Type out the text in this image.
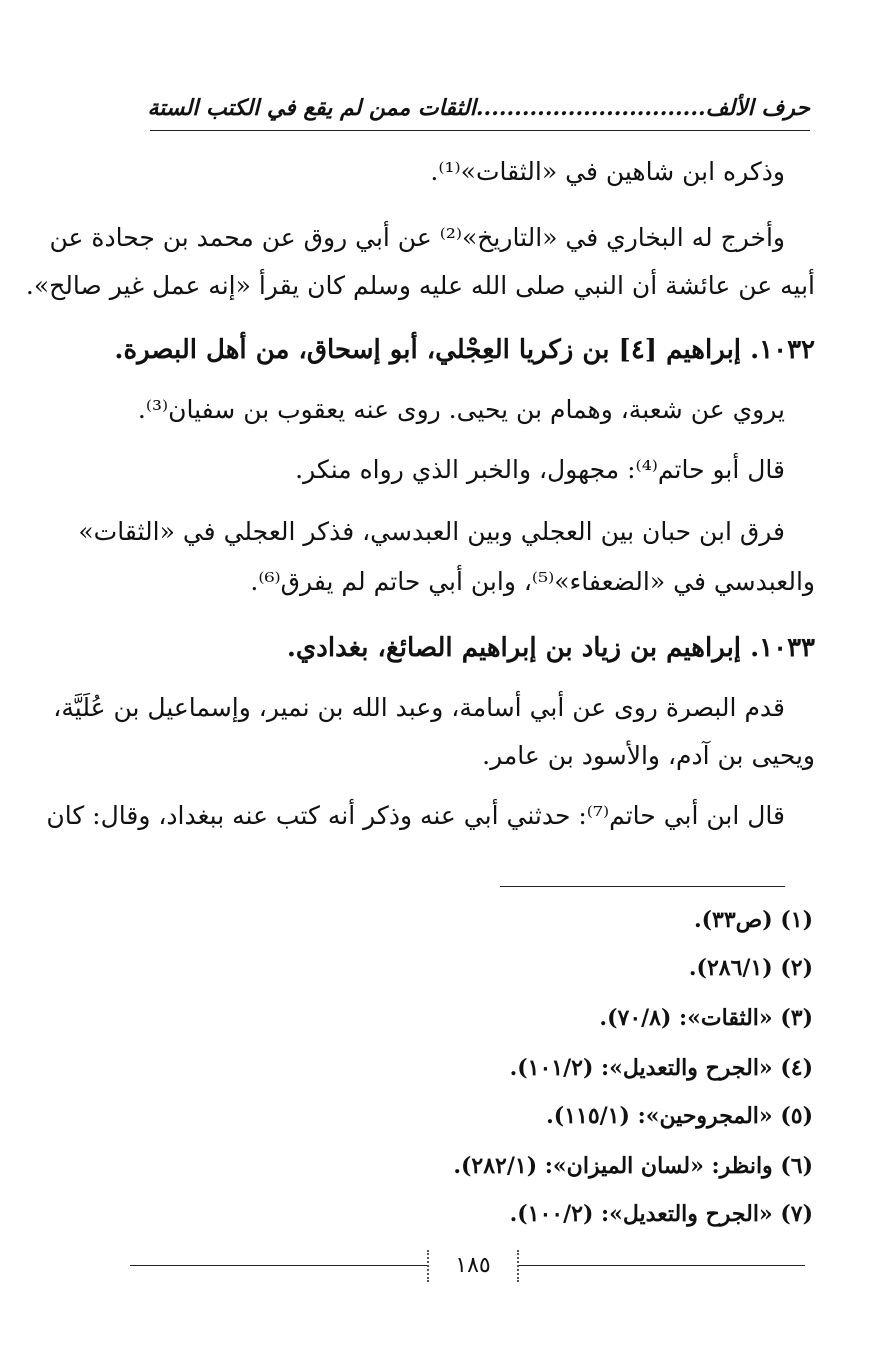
حرف الألف..............................الثقات ممن لم يقع في الكتب الستة
وذكره ابن شاهين في «الثقات»⁽¹⁾.
وأخرج له البخاري في «التاريخ»⁽²⁾ عن أبي روق عن محمد بن جحادة عن
أبيه عن عائشة أن النبي صلى الله عليه وسلم كان يقرأ «إنه عمل غير صالح».
١٠٣٢. إبراهيم [٤] بن زكريا العِجْلي، أبو إسحاق، من أهل البصرة.
يروي عن شعبة، وهمام بن يحيى. روى عنه يعقوب بن سفيان⁽³⁾.
قال أبو حاتم⁽⁴⁾: مجهول، والخبر الذي رواه منكر.
فرق ابن حبان بين العجلي وبين العبدسي، فذكر العجلي في «الثقات»
والعبدسي في «الضعفاء»⁽⁵⁾، وابن أبي حاتم لم يفرق⁽⁶⁾.
١٠٣٣. إبراهيم بن زياد بن إبراهيم الصائغ، بغدادي.
قدم البصرة روى عن أبي أسامة، وعبد الله بن نمير، وإسماعيل بن عُلَيَّة،
ويحيى بن آدم، والأسود بن عامر.
قال ابن أبي حاتم⁽⁷⁾: حدثني أبي عنه وذكر أنه كتب عنه ببغداد، وقال: كان
(١) (ص٣٣).
(٢) (٢٨٦/١).
(٣) «الثقات»: (٧٠/٨).
(٤) «الجرح والتعديل»: (١٠١/٢).
(٥) «المجروحين»: (١١٥/١).
(٦) وانظر: «لسان الميزان»: (٢٨٢/١).
(٧) «الجرح والتعديل»: (١٠٠/٢).
١٨٥
